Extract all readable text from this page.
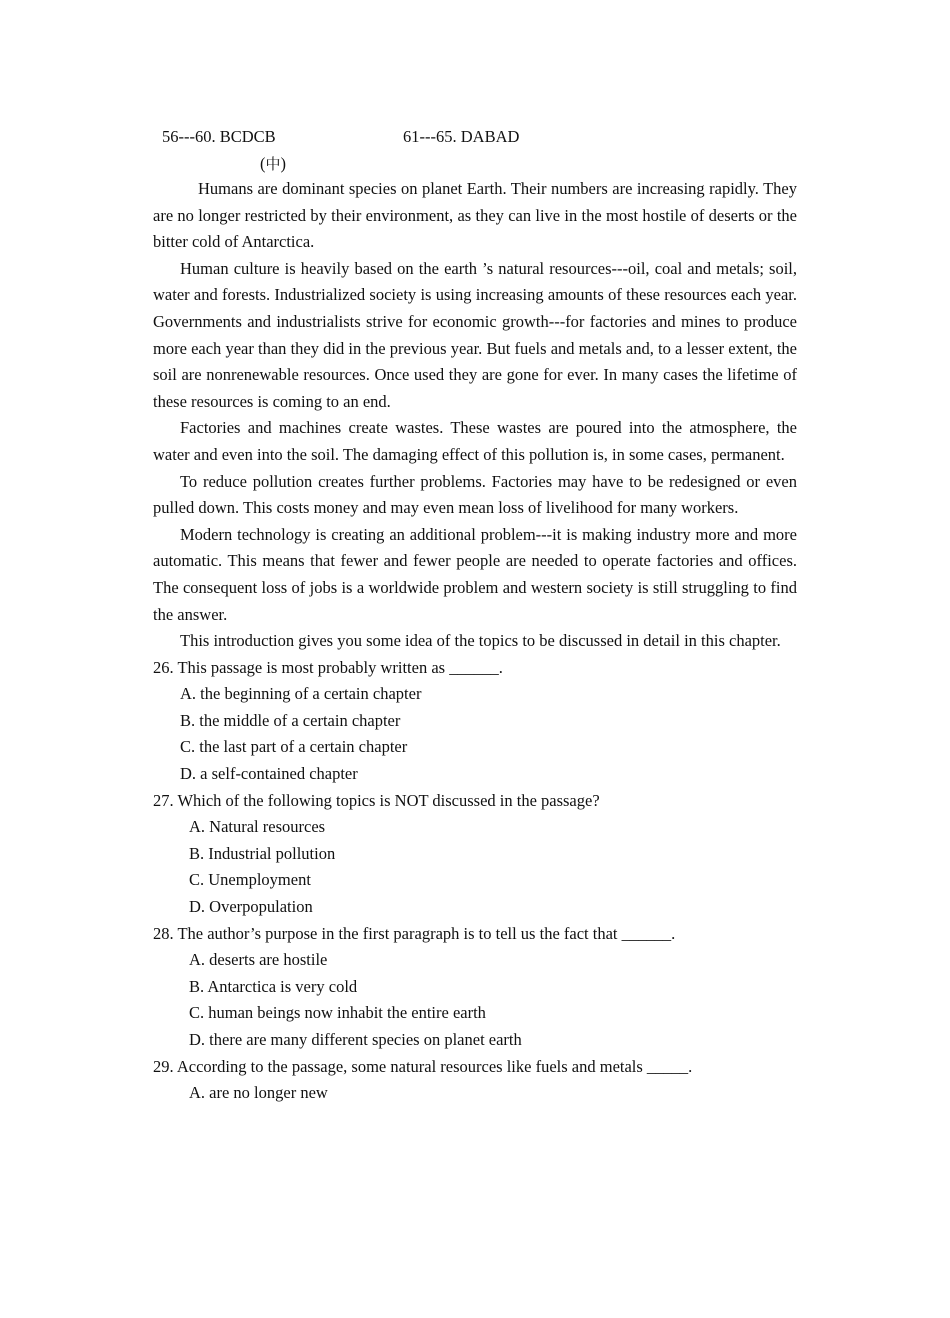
56---60. BCDCB	61---65. DABAD
(中)

Humans are dominant species on planet Earth. Their numbers are increasing rapidly. They are no longer restricted by their environment, as they can live in the most hostile of deserts or the bitter cold of Antarctica.

Human culture is heavily based on the earth ’s natural resources---oil, coal and metals; soil, water and forests. Industrialized society is using increasing amounts of these resources each year. Governments and industrialists strive for economic growth---for factories and mines to produce more each year than they did in the previous year. But fuels and metals and, to a lesser extent, the soil are nonrenewable resources. Once used they are gone for ever. In many cases the lifetime of these resources is coming to an end.

Factories and machines create wastes. These wastes are poured into the atmosphere, the water and even into the soil. The damaging effect of this pollution is, in some cases, permanent.

To reduce pollution creates further problems. Factories may have to be redesigned or even pulled down. This costs money and may even mean loss of livelihood for many workers.

Modern technology is creating an additional problem---it is making industry more and more automatic. This means that fewer and fewer people are needed to operate factories and offices. The consequent loss of jobs is a worldwide problem and western society is still struggling to find the answer.

This introduction gives you some idea of the topics to be discussed in detail in this chapter.

26. This passage is most probably written as ______.

A. the beginning of a certain chapter

B. the middle of a certain chapter

C. the last part of a certain chapter

D. a self-contained chapter

27. Which of the following topics is NOT discussed in the passage?

A. Natural resources

B. Industrial pollution

C. Unemployment

D. Overpopulation

28. The author’s purpose in the first paragraph is to tell us the fact that ______.

A. deserts are hostile

B. Antarctica is very cold

C. human beings now inhabit the entire earth

D. there are many different species on planet earth

29. According to the passage, some natural resources like fuels and metals _____.

A. are no longer new
